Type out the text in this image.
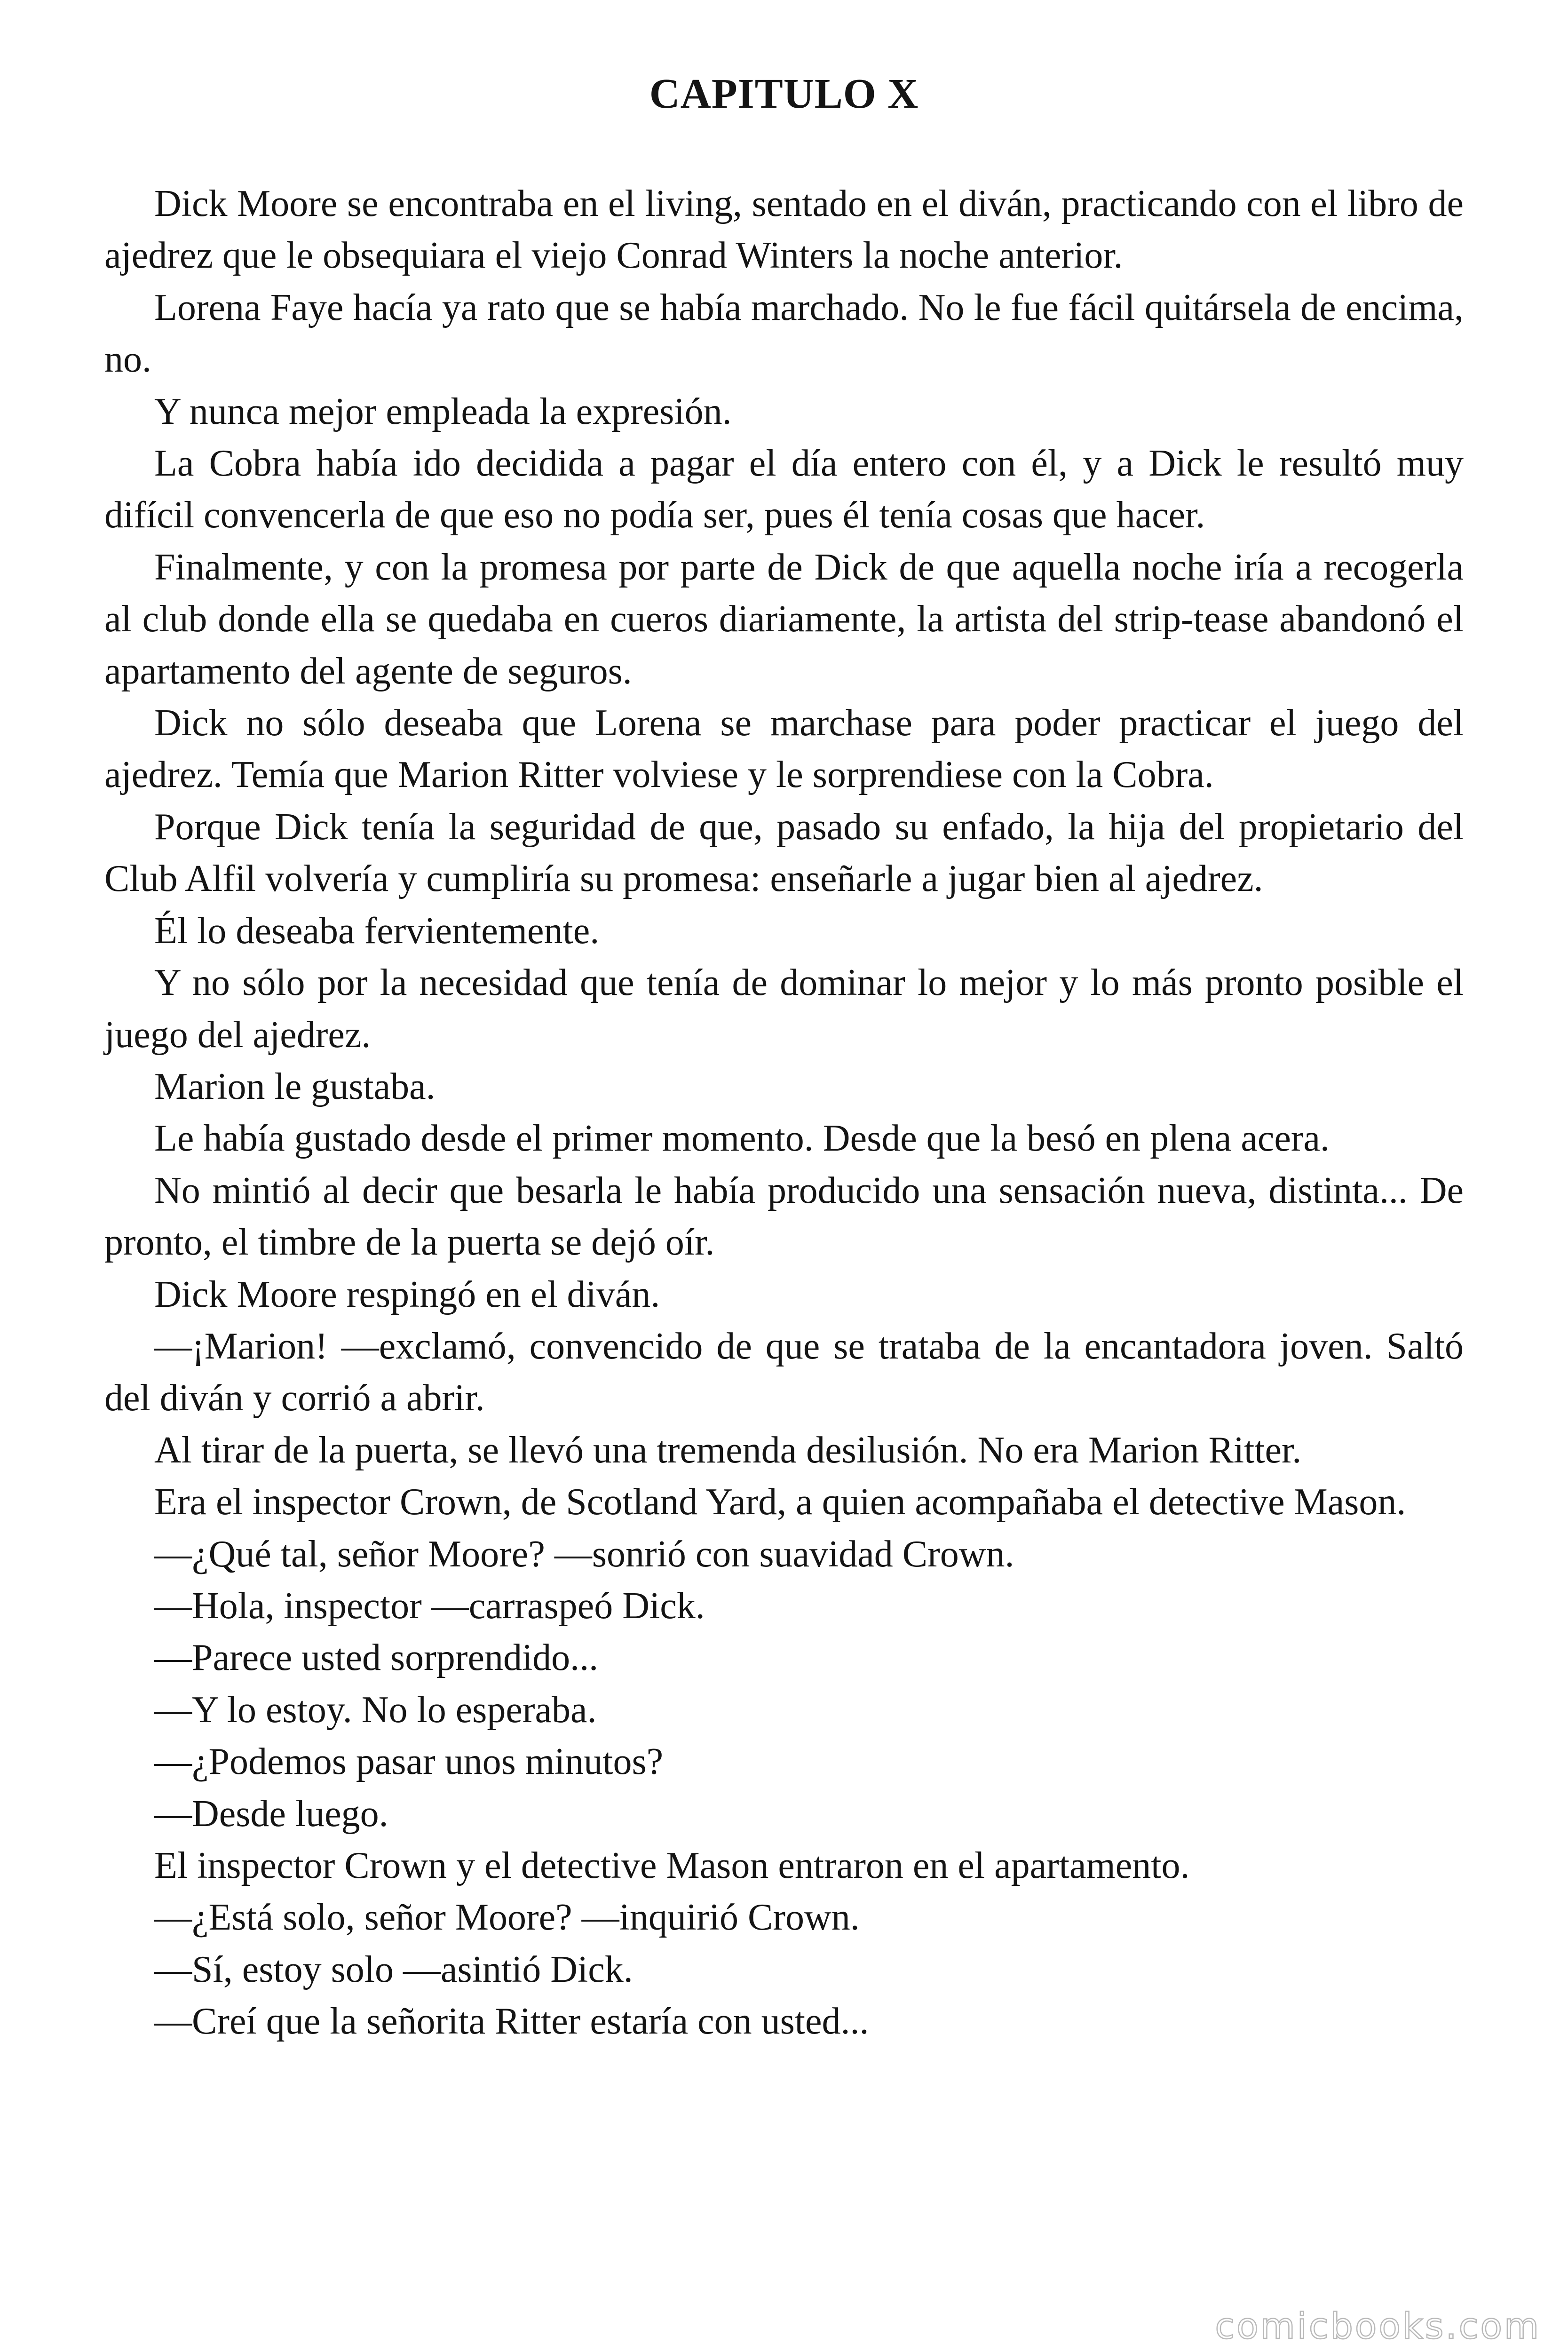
CAPITULO X

Dick Moore se encontraba en el living, sentado en el diván, practicando con el libro de ajedrez que le obsequiara el viejo Conrad Winters la noche anterior.

Lorena Faye hacía ya rato que se había marchado. No le fue fácil quitársela de encima, no.

Y nunca mejor empleada la expresión.

La Cobra había ido decidida a pagar el día entero con él, y a Dick le resultó muy difícil convencerla de que eso no podía ser, pues él tenía cosas que hacer.

Finalmente, y con la promesa por parte de Dick de que aquella noche iría a recogerla al club donde ella se quedaba en cueros diariamente, la artista del strip-tease abandonó el apartamento del agente de seguros.

Dick no sólo deseaba que Lorena se marchase para poder practicar el juego del ajedrez. Temía que Marion Ritter volviese y le sorprendiese con la Cobra.

Porque Dick tenía la seguridad de que, pasado su enfado, la hija del propietario del Club Alfil volvería y cumpliría su promesa: enseñarle a jugar bien al ajedrez.

Él lo deseaba fervientemente.

Y no sólo por la necesidad que tenía de dominar lo mejor y lo más pronto posible el juego del ajedrez.

Marion le gustaba.

Le había gustado desde el primer momento. Desde que la besó en plena acera.

No mintió al decir que besarla le había producido una sensación nueva, distinta... De pronto, el timbre de la puerta se dejó oír.

Dick Moore respingó en el diván.

—¡Marion! —exclamó, convencido de que se trataba de la encantadora joven. Saltó del diván y corrió a abrir.

Al tirar de la puerta, se llevó una tremenda desilusión. No era Marion Ritter.

Era el inspector Crown, de Scotland Yard, a quien acompañaba el detective Mason.

—¿Qué tal, señor Moore? —sonrió con suavidad Crown.

—Hola, inspector —carraspeó Dick.

—Parece usted sorprendido...

—Y lo estoy. No lo esperaba.

—¿Podemos pasar unos minutos?

—Desde luego.

El inspector Crown y el detective Mason entraron en el apartamento.

—¿Está solo, señor Moore? —inquirió Crown.

—Sí, estoy solo —asintió Dick.

—Creí que la señorita Ritter estaría con usted...

comicbooks.com
